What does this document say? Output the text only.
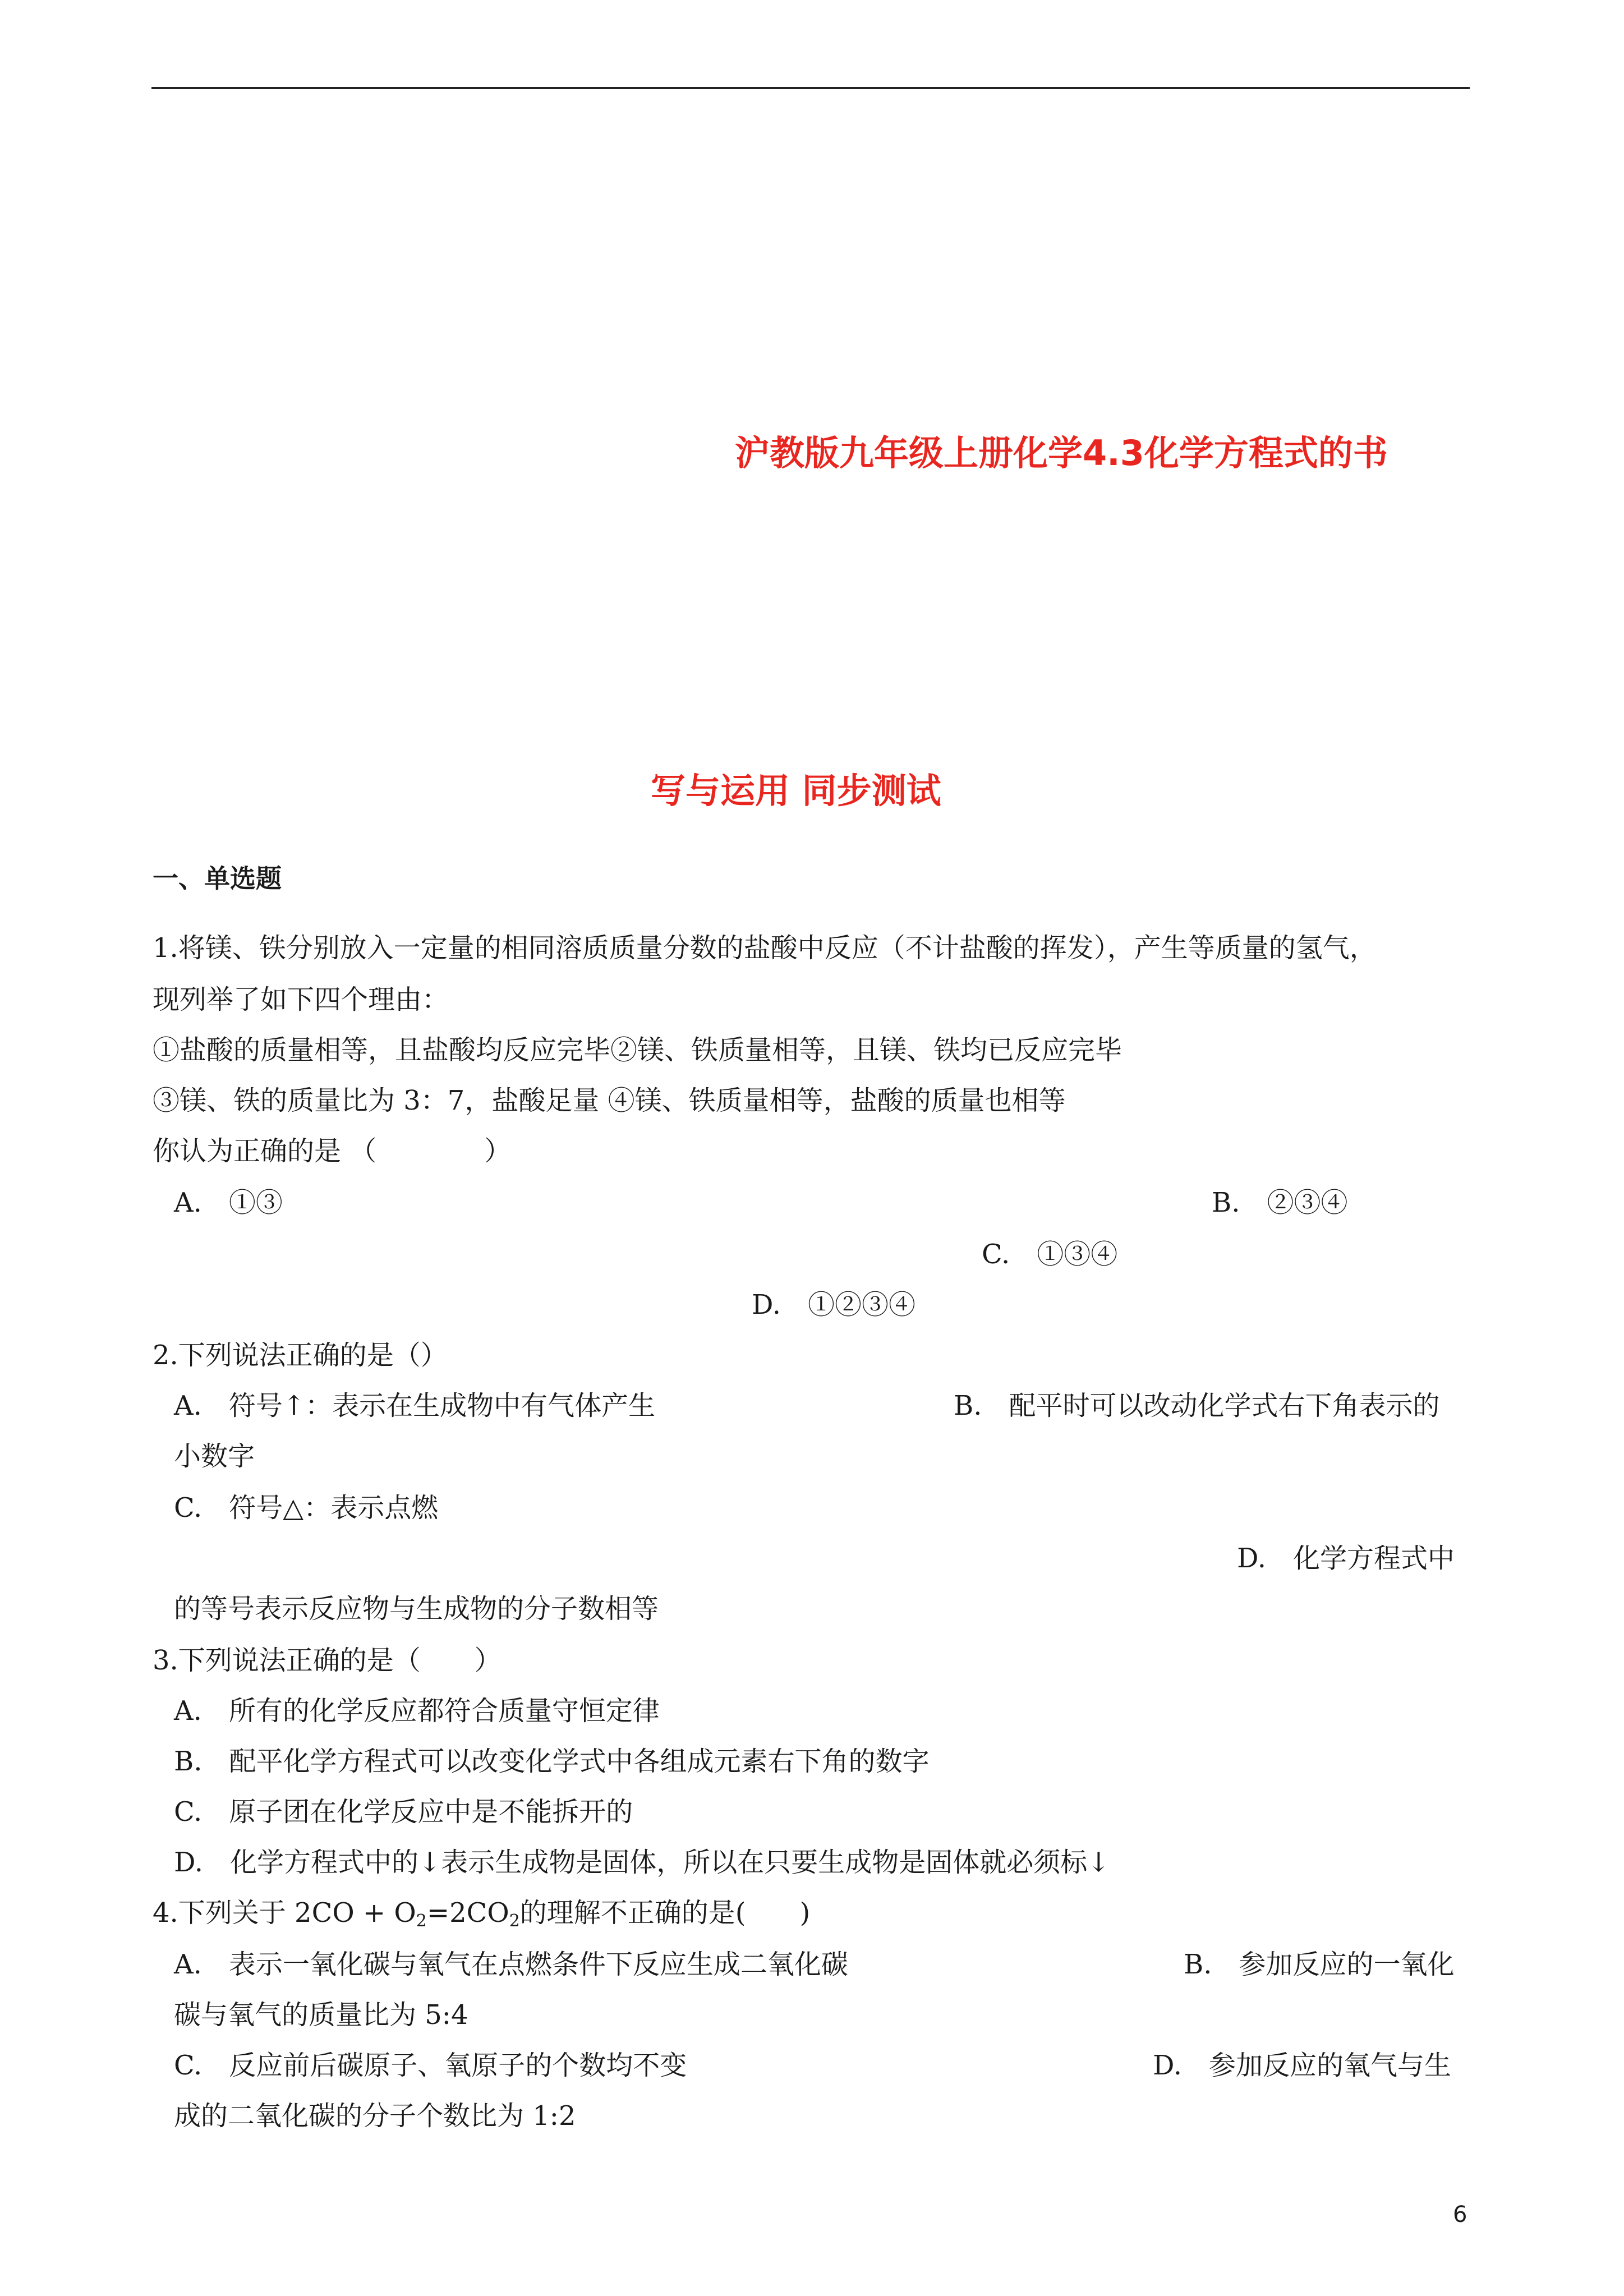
沪教版九年级上册化学4.3化学方程式的书
写与运用 同步测试
一、单选题
1.将镁、铁分别放入一定量的相同溶质质量分数的盐酸中反应（不计盐酸的挥发），产生等质量的氢气，
现列举了如下四个理由：
①盐酸的质量相等，且盐酸均反应完毕②镁、铁质量相等，且镁、铁均已反应完毕
③镁、铁的质量比为 3：7，盐酸足量 ④镁、铁质量相等，盐酸的质量也相等
你认为正确的是 （　　　　）
A.　①③	B.　②③④
C.　①③④
D.　①②③④
2.下列说法正确的是（）
A.　符号↑：表示在生成物中有气体产生	B.　配平时可以改动化学式右下角表示的
小数字
C.　符号△：表示点燃
D.　化学方程式中
的等号表示反应物与生成物的分子数相等
3.下列说法正确的是（　　）
A.　所有的化学反应都符合质量守恒定律
B.　配平化学方程式可以改变化学式中各组成元素右下角的数字
C.　原子团在化学反应中是不能拆开的
D.　化学方程式中的↓表示生成物是固体，所以在只要生成物是固体就必须标↓
4.下列关于 $2CO + O_2=2CO_2$的理解不正确的是(　　)
A.　表示一氧化碳与氧气在点燃条件下反应生成二氧化碳	B.　参加反应的一氧化
碳与氧气的质量比为 5:4
C.　反应前后碳原子、氧原子的个数均不变	D.　参加反应的氧气与生
成的二氧化碳的分子个数比为 1:2
6
